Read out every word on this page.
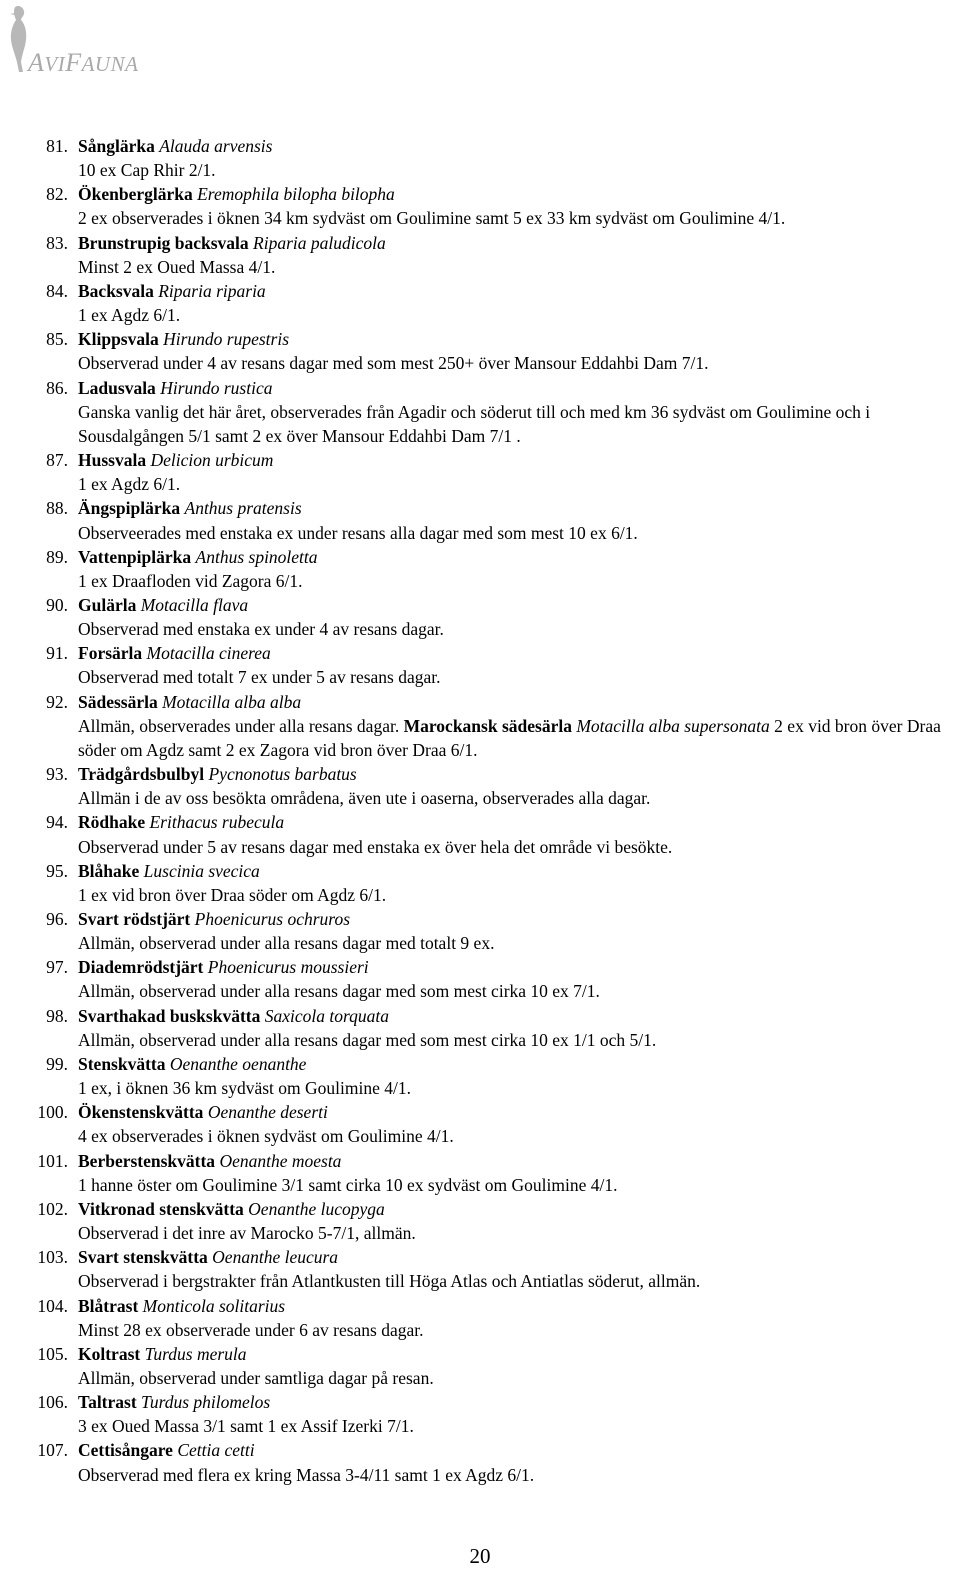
AVIFAUNA
81. Sånglärka Alauda arvensis
10 ex Cap Rhir 2/1.
82. Ökenberglärka Eremophila bilopha bilopha
2 ex observerades i öknen 34 km sydväst om Goulimine samt 5 ex 33 km sydväst om Goulimine 4/1.
83. Brunstrupig backsvala Riparia paludicola
Minst 2 ex Oued Massa 4/1.
84. Backsvala Riparia riparia
1 ex Agdz 6/1.
85. Klippsvala Hirundo rupestris
Observerad under 4 av resans dagar med som mest 250+ över Mansour Eddahbi Dam 7/1.
86. Ladusvala Hirundo rustica
Ganska vanlig det här året, observerades från Agadir och söderut till och med km 36 sydväst om Goulimine och i Sousdalgången 5/1 samt 2 ex över Mansour Eddahbi Dam 7/1 .
87. Hussvala Delicion urbicum
1 ex Agdz 6/1.
88. Ängspiplärka Anthus pratensis
Observeerades med enstaka ex under resans alla dagar med som mest 10 ex 6/1.
89. Vattenpiplärka Anthus spinoletta
1 ex Draafloden vid Zagora 6/1.
90. Gulärla Motacilla flava
Observerad med enstaka ex under 4 av resans dagar.
91. Forsärla Motacilla cinerea
Observerad med totalt 7 ex under 5 av resans dagar.
92. Sädessärla Motacilla alba alba
Allmän, observerades under alla resans dagar. Marockansk sädesärla Motacilla alba supersonata 2 ex vid bron över Draa söder om Agdz samt 2 ex Zagora vid bron över Draa 6/1.
93. Trädgårdsbulbyl Pycnonotus barbatus
Allmän i de av oss besökta områdena, även ute i oaserna, observerades alla dagar.
94. Rödhake Erithacus rubecula
Observerad under 5 av resans dagar med enstaka ex över hela det område vi besökte.
95. Blåhake Luscinia svecica
1 ex vid bron över Draa söder om Agdz 6/1.
96. Svart rödstjärt Phoenicurus ochruros
Allmän, observerad under alla resans dagar med totalt 9 ex.
97. Diademrödstjärt Phoenicurus moussieri
Allmän, observerad under alla resans dagar med som mest cirka 10 ex 7/1.
98. Svarthakad buskskvätta Saxicola torquata
Allmän, observerad under alla resans dagar med som mest cirka 10 ex 1/1 och 5/1.
99. Stenskvätta Oenanthe oenanthe
1 ex, i öknen 36 km sydväst om Goulimine 4/1.
100. Ökenstenskvätta Oenanthe deserti
4 ex observerades i öknen sydväst om Goulimine 4/1.
101. Berberstenskvätta Oenanthe moesta
1 hanne öster om Goulimine 3/1 samt cirka 10 ex sydväst om Goulimine 4/1.
102. Vitkronad stenskvätta Oenanthe lucopyga
Observerad i det inre av Marocko 5-7/1, allmän.
103. Svart stenskvätta Oenanthe leucura
Observerad i bergstrakter från Atlantkusten till Höga Atlas och Antiatlas söderut, allmän.
104. Blåtrast Monticola solitarius
Minst 28 ex observerade under 6 av resans dagar.
105. Koltrast Turdus merula
Allmän, observerad under samtliga dagar på resan.
106. Taltrast Turdus philomelos
3 ex Oued Massa 3/1 samt 1 ex Assif Izerki 7/1.
107. Cettisångare Cettia cetti
Observerad med flera ex kring Massa 3-4/11 samt 1 ex Agdz 6/1.
20
